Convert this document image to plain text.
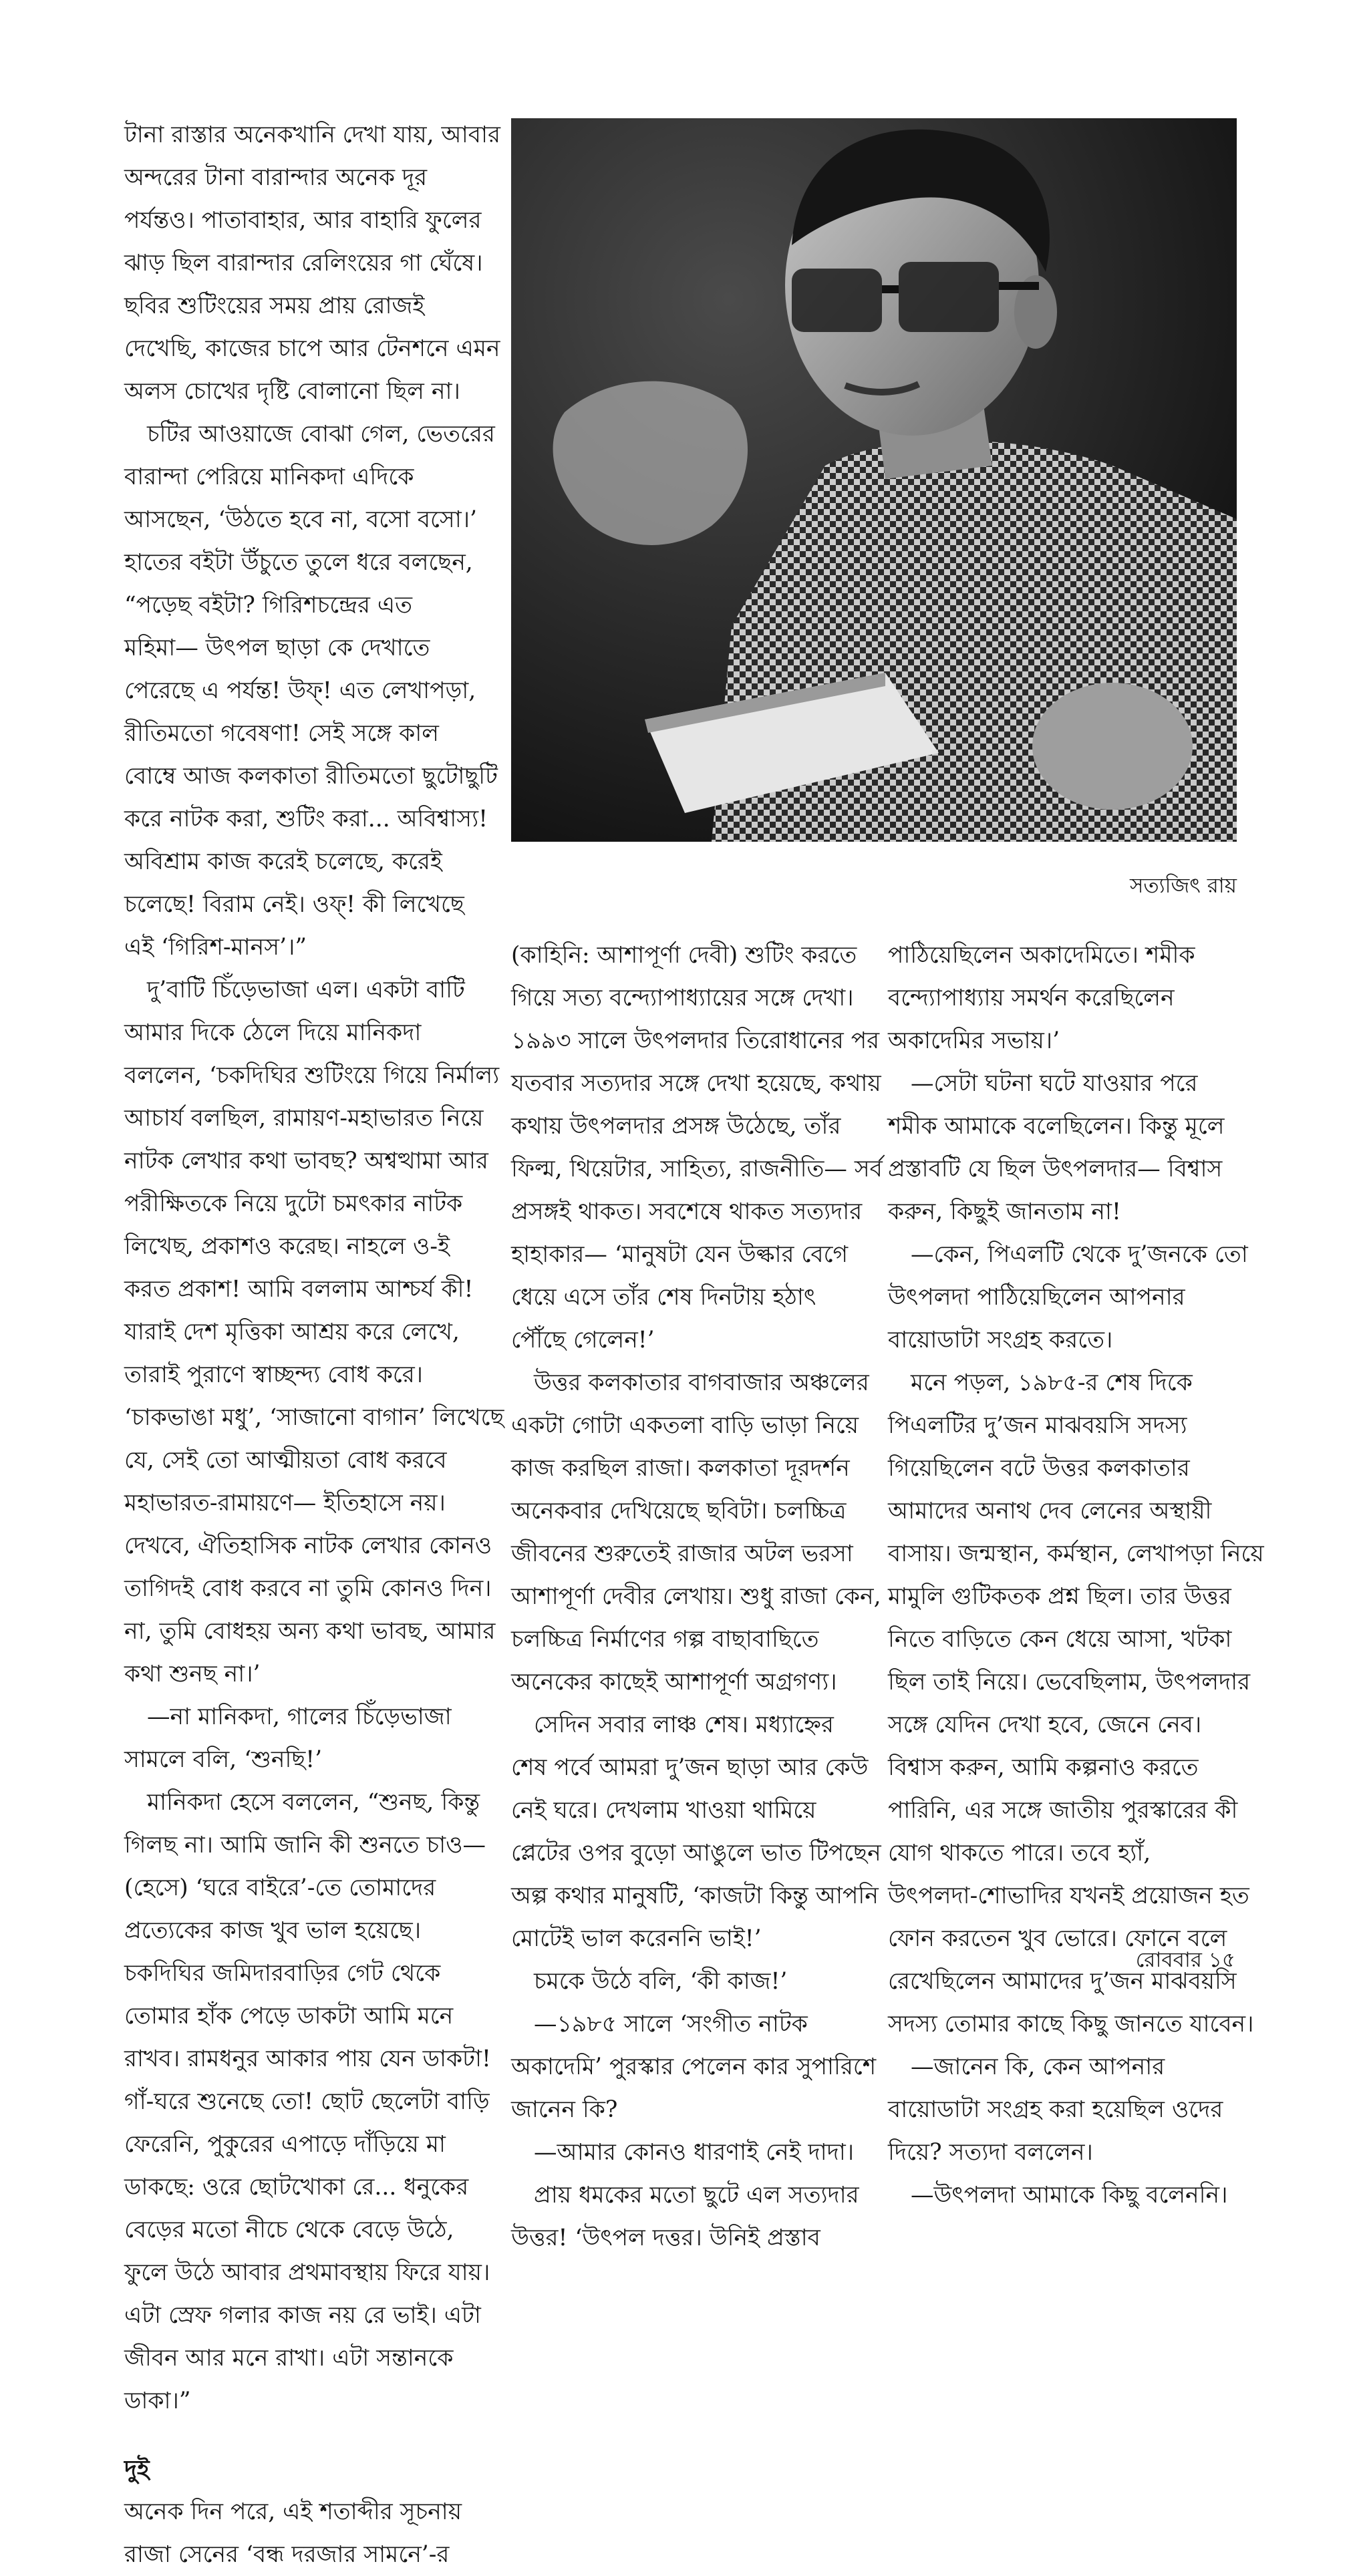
টানা রাস্তার অনেকখানি দেখা যায়, আবার
অন্দরের টানা বারান্দার অনেক দূর
পর্যন্তও। পাতাবাহার, আর বাহারি ফুলের
ঝাড় ছিল বারান্দার রেলিংয়ের গা ঘেঁষে।
ছবির শুটিংয়ের সময় প্রায় রোজই
দেখেছি, কাজের চাপে আর টেনশনে এমন
অলস চোখের দৃষ্টি বোলানো ছিল না।
চটির আওয়াজে বোঝা গেল, ভেতরের
বারান্দা পেরিয়ে মানিকদা এদিকে
আসছেন, ‘উঠতে হবে না, বসো বসো।’
হাতের বইটা উঁচুতে তুলে ধরে বলছেন,
“পড়েছ বইটা? গিরিশচন্দ্রের এত
মহিমা— উৎপল ছাড়া কে দেখাতে
পেরেছে এ পর্যন্ত! উফ্! এত লেখাপড়া,
রীতিমতো গবেষণা! সেই সঙ্গে কাল
বোম্বে আজ কলকাতা রীতিমতো ছুটোছুটি
করে নাটক করা, শুটিং করা... অবিশ্বাস্য!
অবিশ্রাম কাজ করেই চলেছে, করেই
চলেছে! বিরাম নেই। ওফ্! কী লিখেছে
এই ‘গিরিশ-মানস’।”
দু’বাটি চিঁড়েভাজা এল। একটা বাটি
আমার দিকে ঠেলে দিয়ে মানিকদা
বললেন, ‘চকদিঘির শুটিংয়ে গিয়ে নির্মাল্য
আচার্য বলছিল, রামায়ণ-মহাভারত নিয়ে
নাটক লেখার কথা ভাবছ? অশ্বত্থামা আর
পরীক্ষিতকে নিয়ে দুটো চমৎকার নাটক
লিখেছ, প্রকাশও করেছ। নাহলে ও-ই
করত প্রকাশ! আমি বললাম আশ্চর্য কী!
যারাই দেশ মৃত্তিকা আশ্রয় করে লেখে,
তারাই পুরাণে স্বাচ্ছন্দ্য বোধ করে।
‘চাকভাঙা মধু’, ‘সাজানো বাগান’ লিখেছে
যে, সেই তো আত্মীয়তা বোধ করবে
মহাভারত-রামায়ণে— ইতিহাসে নয়।
দেখবে, ঐতিহাসিক নাটক লেখার কোনও
তাগিদই বোধ করবে না তুমি কোনও দিন।
না, তুমি বোধহয় অন্য কথা ভাবছ, আমার
কথা শুনছ না।’
—না মানিকদা, গালের চিঁড়েভাজা
সামলে বলি, ‘শুনছি!’
মানিকদা হেসে বললেন, “শুনছ, কিন্তু
গিলছ না। আমি জানি কী শুনতে চাও—
(হেসে) ‘ঘরে বাইরে’-তে তোমাদের
প্রত্যেকের কাজ খুব ভাল হয়েছে।
চকদিঘির জমিদারবাড়ির গেট থেকে
তোমার হাঁক পেড়ে ডাকটা আমি মনে
রাখব। রামধনুর আকার পায় যেন ডাকটা!
গাঁ-ঘরে শুনেছে তো! ছোট ছেলেটা বাড়ি
ফেরেনি, পুকুরের এপাড়ে দাঁড়িয়ে মা
ডাকছে: ওরে ছোটখোকা রে... ধনুকের
বেড়ের মতো নীচে থেকে বেড়ে উঠে,
ফুলে উঠে আবার প্রথমাবস্থায় ফিরে যায়।
এটা স্রেফ গলার কাজ নয় রে ভাই। এটা
জীবন আর মনে রাখা। এটা সন্তানকে
ডাকা।”
দুই
অনেক দিন পরে, এই শতাব্দীর সূচনায়
রাজা সেনের ‘বন্ধ দরজার সামনে’-র
সত্যজিৎ রায়
(কাহিনি: আশাপূর্ণা দেবী) শুটিং করতে
গিয়ে সত্য বন্দ্যোপাধ্যায়ের সঙ্গে দেখা।
১৯৯৩ সালে উৎপলদার তিরোধানের পর
যতবার সত্যদার সঙ্গে দেখা হয়েছে, কথায়
কথায় উৎপলদার প্রসঙ্গ উঠেছে, তাঁর
ফিল্ম, থিয়েটার, সাহিত্য, রাজনীতি— সর্ব
প্রসঙ্গই থাকত। সবশেষে থাকত সত্যদার
হাহাকার— ‘মানুষটা যেন উল্কার বেগে
ধেয়ে এসে তাঁর শেষ দিনটায় হঠাৎ
পৌঁছে গেলেন!’
উত্তর কলকাতার বাগবাজার অঞ্চলের
একটা গোটা একতলা বাড়ি ভাড়া নিয়ে
কাজ করছিল রাজা। কলকাতা দূরদর্শন
অনেকবার দেখিয়েছে ছবিটা। চলচ্চিত্র
জীবনের শুরুতেই রাজার অটল ভরসা
আশাপূর্ণা দেবীর লেখায়। শুধু রাজা কেন,
চলচ্চিত্র নির্মাণের গল্প বাছাবাছিতে
অনেকের কাছেই আশাপূর্ণা অগ্রগণ্য।
সেদিন সবার লাঞ্চ শেষ। মধ্যাহ্নের
শেষ পর্বে আমরা দু’জন ছাড়া আর কেউ
নেই ঘরে। দেখলাম খাওয়া থামিয়ে
প্লেটের ওপর বুড়ো আঙুলে ভাত টিপছেন
অল্প কথার মানুষটি, ‘কাজটা কিন্তু আপনি
মোটেই ভাল করেননি ভাই!’
চমকে উঠে বলি, ‘কী কাজ!’
—১৯৮৫ সালে ‘সংগীত নাটক
অকাদেমি’ পুরস্কার পেলেন কার সুপারিশে
জানেন কি?
—আমার কোনও ধারণাই নেই দাদা।
প্রায় ধমকের মতো ছুটে এল সত্যদার
উত্তর! ‘উৎপল দত্তর। উনিই প্রস্তাব
পাঠিয়েছিলেন অকাদেমিতে। শমীক
বন্দ্যোপাধ্যায় সমর্থন করেছিলেন
অকাদেমির সভায়।’
—সেটা ঘটনা ঘটে যাওয়ার পরে
শমীক আমাকে বলেছিলেন। কিন্তু মূলে
প্রস্তাবটি যে ছিল উৎপলদার— বিশ্বাস
করুন, কিছুই জানতাম না!
—কেন, পিএলটি থেকে দু’জনকে তো
উৎপলদা পাঠিয়েছিলেন আপনার
বায়োডাটা সংগ্রহ করতে।
মনে পড়ল, ১৯৮৫-র শেষ দিকে
পিএলটির দু’জন মাঝবয়সি সদস্য
গিয়েছিলেন বটে উত্তর কলকাতার
আমাদের অনাথ দেব লেনের অস্থায়ী
বাসায়। জন্মস্থান, কর্মস্থান, লেখাপড়া নিয়ে
মামুলি গুটিকতক প্রশ্ন ছিল। তার উত্তর
নিতে বাড়িতে কেন ধেয়ে আসা, খটকা
ছিল তাই নিয়ে। ভেবেছিলাম, উৎপলদার
সঙ্গে যেদিন দেখা হবে, জেনে নেব।
বিশ্বাস করুন, আমি কল্পনাও করতে
পারিনি, এর সঙ্গে জাতীয় পুরস্কারের কী
যোগ থাকতে পারে। তবে হ্যাঁ,
উৎপলদা-শোভাদির যখনই প্রয়োজন হত
ফোন করতেন খুব ভোরে। ফোনে বলে
রেখেছিলেন আমাদের দু’জন মাঝবয়সি
সদস্য তোমার কাছে কিছু জানতে যাবেন।
—জানেন কি, কেন আপনার
বায়োডাটা সংগ্রহ করা হয়েছিল ওদের
দিয়ে? সত্যদা বললেন।
—উৎপলদা আমাকে কিছু বলেননি।
রোববার ১৫
